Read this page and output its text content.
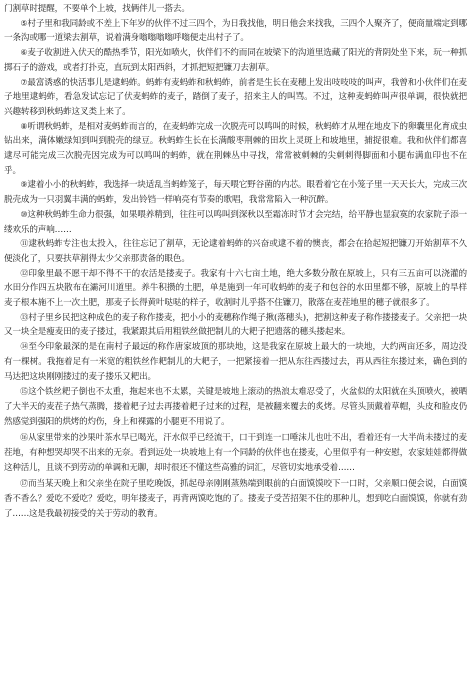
门割草时提醒，不要单个上坡，找俩伴儿一搭去。

⑤村子里和我同龄或不差上下年岁的伙伴不过三四个，为日我找他，明日他会来找我，三四个人聚齐了，便商量端定到哪一条沟或哪一道梁去割草，说着满身嗡嗡嗡嗡呼嗡便走出村子了。

⑥麦子收割进入伏天的酷热季节，阳光如喷火，伙伴们不约而同在坡梁下的沟道里选藏了阳光的背阴处坐下来，玩一种抓掷石子的游戏，或者打扑克，直玩到太阳西斜，才抓把短把镰刀去割草。

⑦最富诱惑的快活事儿是逮蚂蚱。蚂蚱有麦蚂蚱和秋蚂蚱，前者是生长在麦穗上发出吱吱吱的叫声，我曾和小伙伴们在麦子地里逮蚂蚱，看急发试忘记了伏麦蚂蚱的麦子，踏倒了麦子，招来主人的叫骂。不过，这种麦蚂蚱叫声很单调，很快就把兴趣转移到秋蚂蚱这叉类上来了。

⑧听谓秋蚂蚱，是相对麦蚂蚱而言的，在麦蚂蚱完成一次脱壳可以鸣叫的时候，秋蚂蚱才从埋在地皮下的卵囊里化育成虫钻出来，满体嫩绿知到叫到脱壳的绿豆。秋蚂蚱生长在长满酸枣荆棘的田坎上灵斑上和坡地里，捕捉很难。我和伙伴们都喜逮尽可能完成三次脱壳因完成为可以鸣叫的蚂蚱，就在荆棘丛中寻找，常常被刺棘的尖刺刺得脚面和小腿布满血印也不在乎。

⑨逮着小小的秋蚂蚱，我选择一块适乱当蚂蚱笼子，每天喂它野谷菌的内芯。眼看着它在小笼子里一天天长大，完成三次脱壳成为一只羽翼丰满的蚂蚱，发出铃铛一样响亮有节奏的歌唱，我常常陷入一种沉醉。

⑩这种秋蚂蚱生命力很强，如果喂养精到，往往可以鸣叫到深秋以至霜冻时节才会完结，给平静也显寂寞的农家院子添一缕欢乐的声响……

⑪逮秋蚂蚱专注也太投入，往往忘记了割草，无论逮着蚂蚱的兴奋或逮不着的懊丧，都会在拾起短把镰刀开始割草不久便淡化了，只要扶草割得太少父亲那责备的眼色。

⑫印象里最不愿干却不得不干的农活是搂麦子。我家有十六七亩土地，绝大多数分散在原坡上，只有三五亩可以浇灌的水田分作四五块散布在灞河川道里。养牛积攒的土肥，单是施到一年可收蚂蚱的麦子和包谷的水田里都不够，原坡上的旱样麦子根本施不上一次土肥，那麦子长得黄叶哒哒的样子，收割时儿乎搭不住镰刀，散落在麦茬地里的穗子就很多了。

⑬村子里乡民把这种成色的麦子称作搂麦，把小小的麦穗称作绳子揪(落穗头)，把割这种麦子称作搂搂麦子。父亲把一块又一块全是瘦麦田的麦子搂过，我紧跟其后用粗铁丝做把制儿的大耙子把遗落的穗头搂起来。

⑭至今印象最深的是在南村子最远的称作唐家坡顶的那块地，这是我家在原坡上最大的一块地，大约两亩还多，周边没有一棵树。我拖着足有一米宽的粗铁丝作耙制儿的大耙子，一把紧接着一把从东往西搂过去，再从西往东搂过来，确色到的马达把这块刚刚搂过的麦子搂乐又耙出。

⑮这个铁丝耙子倒也不太重，拖起来也不太累，关键是坡地上滚动的热浪太难忍受了，火盆似的太阳就在头顶喷火，被晒了大半天的麦茬子热气蒸腾，搂着耙子过去再搂着耙子过来的过程，是被翻来覆去的炙烤。尽管头顶戴着草帽，头皮和脸皮仍然感觉到强阳的烘烤的灼伤，身上和裸露的小腿更不用说了。

⑯从家里带来的沙果叶茶水早已喝光，汗水似乎已经流干，口干到连一口唾沫儿也吐不出，看着还有一大半尚未搂过的麦茬地，有种想哭却哭不出来的无奈。看到远处一块坡地上有一个同龄的伙伴也在搂麦，心里似乎有一种安慰，农家娃娃都得做这种活儿，且谈不到劳动的单调和无聊，却时很还不懂这些高雅的词汇，尽管切实地承受着……

⑰而当某天晚上和父亲坐在院子里吃晚饭，抓起母亲刚刚蒸熟端到眼前的白面馍馍咬下一口时，父亲顺口便会说，白面馍香不香么？爱吃不爱吃？爱吃，明年搂麦子，再背两馍吃饱的了。搂麦子受苦招架不住的那种儿，想到吃白面馍馍，你就有劲了……这是我最初接受的关于劳动的教育。
